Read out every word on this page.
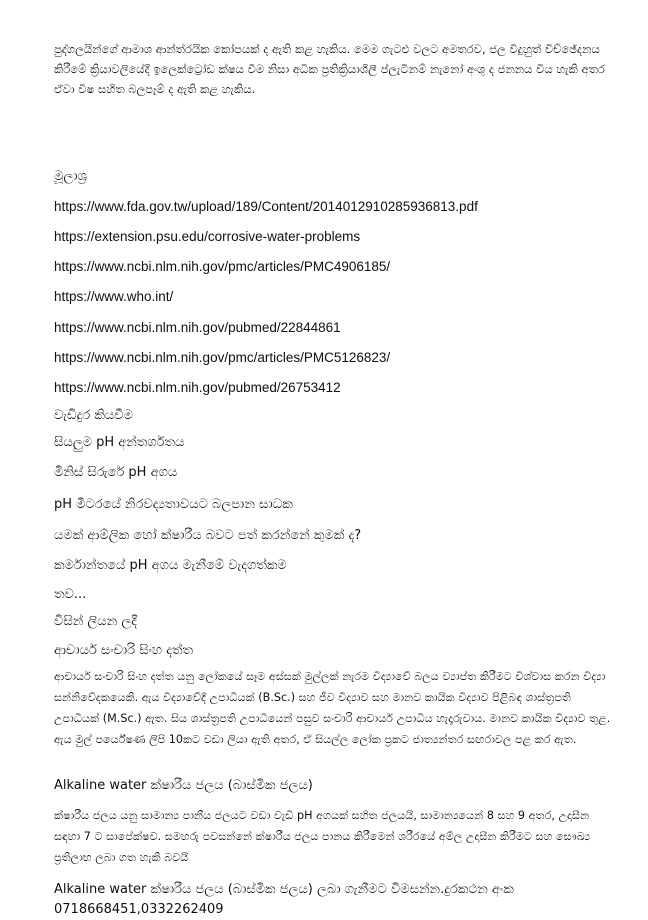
පුද්ගලයින්ගේ ආමාශ ආන්ත්රයික කෝපයක් ද ඇති කළ හැකිය. මෙම ගැටළු වලට අමතරව, ජල විදුහුත් විච්ඡේදනය කිරීමේ ක්‍රියාවලියේදී ඉලෙක්ට්‍රෝඩ ක්ෂය වීම නිසා අධික ප්‍රතික්‍රියාශීලී ප්ලැටිනම් නැනෝ අංශු ද ජනනය විය හැකි අතර ඒවා විෂ සහිත බලපෑම් ද ඇති කළ හැකිය.

මූලාශ්‍ර

https://www.fda.gov.tw/upload/189/Content/2014012910285936813.pdf

https://extension.psu.edu/corrosive-water-problems

https://www.ncbi.nlm.nih.gov/pmc/articles/PMC4906185/

https://www.who.int/

https://www.ncbi.nlm.nih.gov/pubmed/22844861

https://www.ncbi.nlm.nih.gov/pmc/articles/PMC5126823/

https://www.ncbi.nlm.nih.gov/pubmed/26753412

වැඩිදුර කියවීම

සියලුම pH අන්තර්ගතය

මිනිස් සිරුරේ pH අගය

pH මීටරයේ නිරවද්‍යතාවයට බලපාන සාධක

යමක් ආම්ලික හෝ ක්ෂාරීය බවට පත් කරන්නේ කුමක් ද?

කර්මාන්තයේ pH අගය මැනීමේ වැදගත්කම

තව...

විසින් ලියන ලදී

ආචාර්ය සංචාරි සිංහ දත්ත

ආචාර්ය සංචාරි සිංහ දත්ත යනු ලෝකයේ සෑම අස්සක් මුල්ලක් නැරම විද්‍යාවේ බලය ව්‍යාප්ත කිරීමට විශ්වාස කරන විද්‍යා සන්නිවේදකයෙකි. ඇය විද්‍යාවේදී උපාධියක් (B.Sc.) සහ ජීව විද්‍යාව සහ මානව කායික විද්‍යාව පිළිබඳ ශාස්ත්‍රපති උපාධියක් (M.Sc.) ඇත. සිය ශාස්ත්‍රපති උපාධියෙන් පසුව සංචාරි ආචාර්ය උපාධිය හැදෑරුවාය. මානව කායික විද්‍යාව තුළ. ඇය මුල් පර්යේෂණ ලිපි 10කට වඩා ලියා ඇති අතර, ඒ සියල්ල ලෝක ප්‍රකට ජාත්‍යන්තර සඟරාවල පළ කර ඇත.

Alkaline water ක්ෂාරීය ජලය (බාස්මික ජලය)

ක්ෂාරීය ජලය යනු සාමාන්‍ය පානීය ජලයට වඩා වැඩි pH අගයක් සහිත ජලයයි, සාමාන්‍යයෙන් 8 සහ 9 අතර, උදාසීන සඳහා 7 ට සාපේක්ෂව. සමහරු පවසන්නේ ක්ෂාරීය ජලය පානය කිරීමෙන් ශරීරයේ අම්ල උදාසීන කිරීමට සහ සෞඛ්‍ය ප්‍රතිලාභ ලබා ගත හැකි බවයි

Alkaline water ක්ෂාරීය ජලය (බාස්මික ජලය) ලබා ගැනීමට විමසන්න.දුරකථන අංක 0718668451,0332262409
